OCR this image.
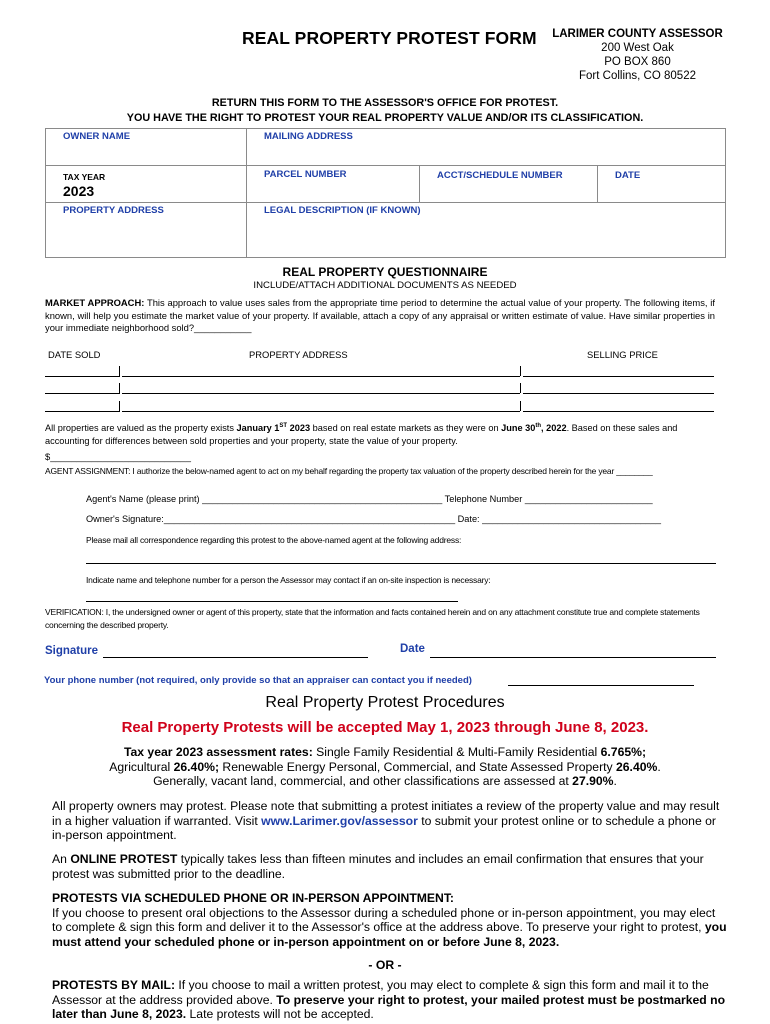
REAL PROPERTY PROTEST FORM	LARIMER COUNTY ASSESSOR
200 West Oak
PO BOX 860
Fort Collins, CO 80522
RETURN THIS FORM TO THE ASSESSOR'S OFFICE FOR PROTEST.
YOU HAVE THE RIGHT TO PROTEST YOUR REAL PROPERTY VALUE AND/OR ITS CLASSIFICATION.
OWNER NAME	MAILING ADDRESS		

TAX YEAR
2023	PARCEL NUMBER	ACCT/SCHEDULE NUMBER	DATE

PROPERTY ADDRESS	LEGAL DESCRIPTION (IF KNOWN)		
REAL PROPERTY QUESTIONNAIRE
INCLUDE/ATTACH ADDITIONAL DOCUMENTS AS NEEDED
MARKET APPROACH: This approach to value uses sales from the appropriate time period to determine the actual value of your property. The following items, if known, will help you estimate the market value of your property. If available, attach a copy of any appraisal or written estimate of value. Have similar properties in your immediate neighborhood sold?___________
DATE SOLD	PROPERTY ADDRESS	SELLING PRICE
All properties are valued as the property exists January 1ST 2023 based on real estate markets as they were on June 30th, 2022. Based on these sales and accounting for differences between sold properties and your property, state the value of your property.
$___________________________
AGENT ASSIGNMENT: I authorize the below-named agent to act on my behalf regarding the property tax valuation of the property described herein for the year ________
Agent's Name (please print) _______________________________________________ Telephone Number _________________________
Owner's Signature:_________________________________________________________ Date: ___________________________________
Please mail all correspondence regarding this protest to the above-named agent at the following address:
Indicate name and telephone number for a person the Assessor may contact if an on-site inspection is necessary:
VERIFICATION: I, the undersigned owner or agent of this property, state that the information and facts contained herein and on any attachment constitute true and complete statements concerning the described property.
Signature	Date
Your phone number (not required, only provide so that an appraiser can contact you if needed)
Real Property Protest Procedures
Real Property Protests will be accepted May 1, 2023 through June 8, 2023.
Tax year 2023 assessment rates: Single Family Residential & Multi-Family Residential 6.765%;
Agricultural 26.40%; Renewable Energy Personal, Commercial, and State Assessed Property 26.40%.
Generally, vacant land, commercial, and other classifications are assessed at 27.90%.
All property owners may protest. Please note that submitting a protest initiates a review of the property value and may result in a higher valuation if warranted. Visit www.Larimer.gov/assessor to submit your protest online or to schedule a phone or in-person appointment.
An ONLINE PROTEST typically takes less than fifteen minutes and includes an email confirmation that ensures that your protest was submitted prior to the deadline.
PROTESTS VIA SCHEDULED PHONE OR IN-PERSON APPOINTMENT:
If you choose to present oral objections to the Assessor during a scheduled phone or in-person appointment, you may elect to complete & sign this form and deliver it to the Assessor's office at the address above. To preserve your right to protest, you must attend your scheduled phone or in-person appointment on or before June 8, 2023.
- OR -
PROTESTS BY MAIL: If you choose to mail a written protest, you may elect to complete & sign this form and mail it to the Assessor at the address provided above. To preserve your right to protest, your mailed protest must be postmarked no later than June 8, 2023. Late protests will not be accepted.
